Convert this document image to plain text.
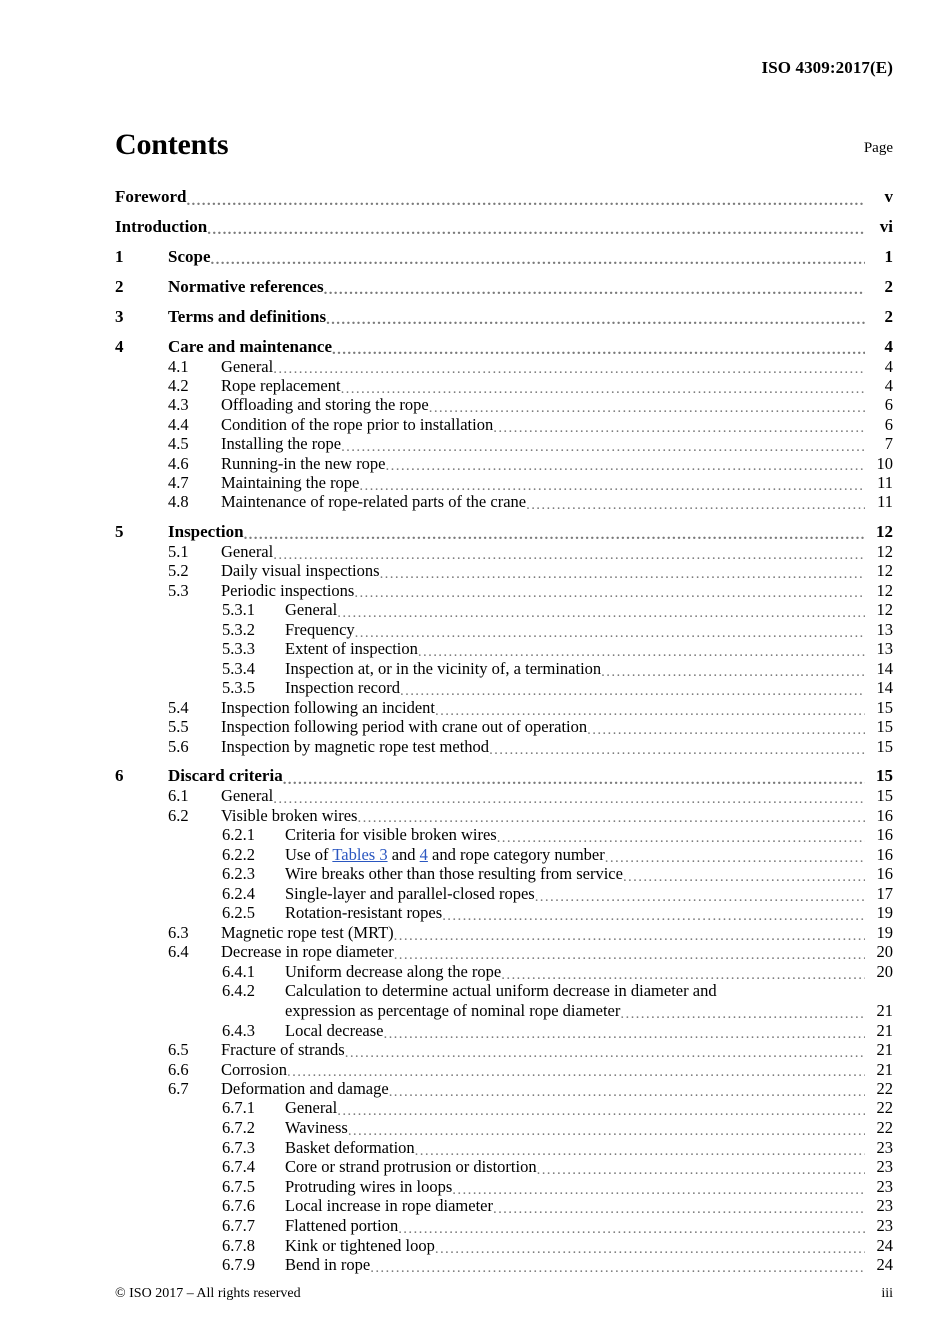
ISO 4309:2017(E)
Contents	Page
Foreword .....	v
Introduction .....	vi
1	Scope .....	1
2	Normative references .....	2
3	Terms and definitions .....	2
4	Care and maintenance .....	4
4.1	General .....	4
4.2	Rope replacement .....	4
4.3	Offloading and storing the rope .....	6
4.4	Condition of the rope prior to installation .....	6
4.5	Installing the rope .....	7
4.6	Running-in the new rope .....	10
4.7	Maintaining the rope .....	11
4.8	Maintenance of rope-related parts of the crane .....	11
5	Inspection .....	12
5.1	General .....	12
5.2	Daily visual inspections .....	12
5.3	Periodic inspections .....	12
5.3.1	General .....	12
5.3.2	Frequency .....	13
5.3.3	Extent of inspection .....	13
5.3.4	Inspection at, or in the vicinity of, a termination .....	14
5.3.5	Inspection record .....	14
5.4	Inspection following an incident .....	15
5.5	Inspection following period with crane out of operation .....	15
5.6	Inspection by magnetic rope test method .....	15
6	Discard criteria .....	15
6.1	General .....	15
6.2	Visible broken wires .....	16
6.2.1	Criteria for visible broken wires .....	16
6.2.2	Use of Tables 3 and 4 and rope category number .....	16
6.2.3	Wire breaks other than those resulting from service .....	16
6.2.4	Single-layer and parallel-closed ropes .....	17
6.2.5	Rotation-resistant ropes .....	19
6.3	Magnetic rope test (MRT) .....	19
6.4	Decrease in rope diameter .....	20
6.4.1	Uniform decrease along the rope .....	20
6.4.2	Calculation to determine actual uniform decrease in diameter and
expression as percentage of nominal rope diameter .....	21
6.4.3	Local decrease .....	21
6.5	Fracture of strands .....	21
6.6	Corrosion .....	21
6.7	Deformation and damage .....	22
6.7.1	General .....	22
6.7.2	Waviness .....	22
6.7.3	Basket deformation .....	23
6.7.4	Core or strand protrusion or distortion .....	23
6.7.5	Protruding wires in loops .....	23
6.7.6	Local increase in rope diameter .....	23
6.7.7	Flattened portion .....	23
6.7.8	Kink or tightened loop .....	24
6.7.9	Bend in rope .....	24
© ISO 2017 – All rights reserved	iii
